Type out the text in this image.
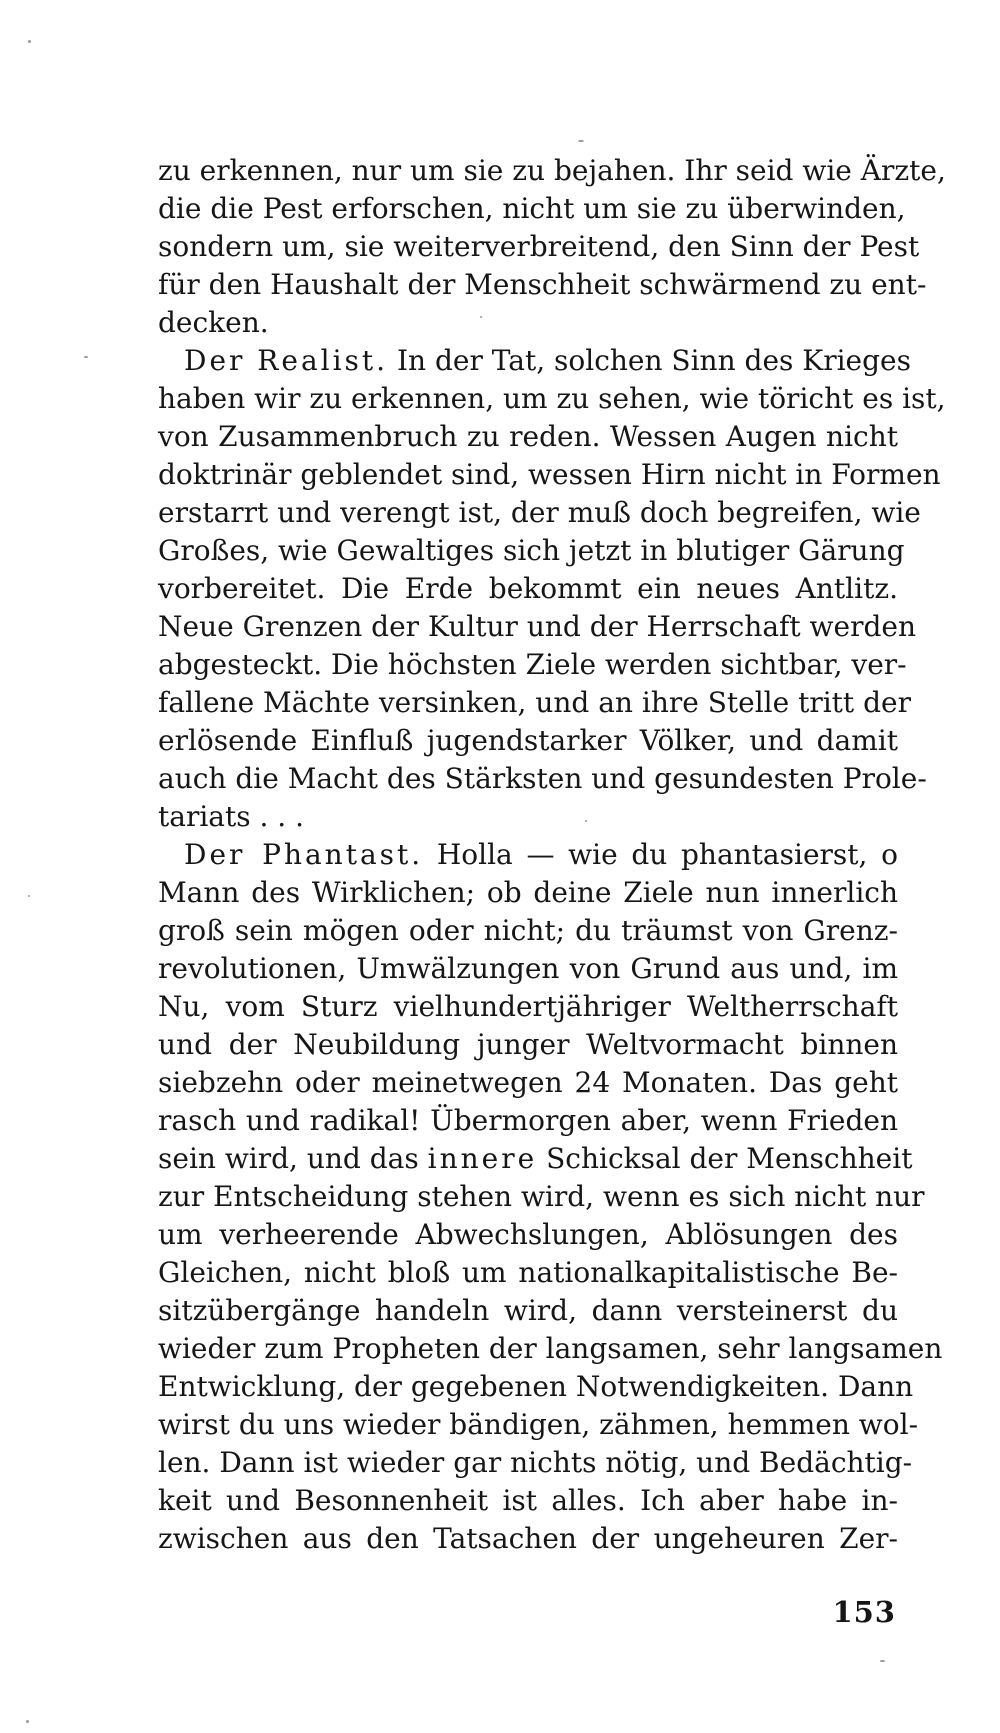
zu erkennen, nur um sie zu bejahen. Ihr seid wie Ärzte,
die die Pest erforschen, nicht um sie zu überwinden,
sondern um, sie weiterverbreitend, den Sinn der Pest
für den Haushalt der Menschheit schwärmend zu ent-
decken.
Der Realist. In der Tat, solchen Sinn des Krieges
haben wir zu erkennen, um zu sehen, wie töricht es ist,
von Zusammenbruch zu reden. Wessen Augen nicht
doktrinär geblendet sind, wessen Hirn nicht in Formen
erstarrt und verengt ist, der muß doch begreifen, wie
Großes, wie Gewaltiges sich jetzt in blutiger Gärung
vorbereitet. Die Erde bekommt ein neues Antlitz.
Neue Grenzen der Kultur und der Herrschaft werden
abgesteckt. Die höchsten Ziele werden sichtbar, ver-
fallene Mächte versinken, und an ihre Stelle tritt der
erlösende Einfluß jugendstarker Völker, und damit
auch die Macht des Stärksten und gesundesten Prole-
tariats . . .
Der Phantast. Holla — wie du phantasierst, o
Mann des Wirklichen; ob deine Ziele nun innerlich
groß sein mögen oder nicht; du träumst von Grenz-
revolutionen, Umwälzungen von Grund aus und, im
Nu, vom Sturz vielhundertjähriger Weltherrschaft
und der Neubildung junger Weltvormacht binnen
siebzehn oder meinetwegen 24 Monaten. Das geht
rasch und radikal! Übermorgen aber, wenn Frieden
sein wird, und das innere Schicksal der Menschheit
zur Entscheidung stehen wird, wenn es sich nicht nur
um verheerende Abwechslungen, Ablösungen des
Gleichen, nicht bloß um nationalkapitalistische Be-
sitzübergänge handeln wird, dann versteinerst du
wieder zum Propheten der langsamen, sehr langsamen
Entwicklung, der gegebenen Notwendigkeiten. Dann
wirst du uns wieder bändigen, zähmen, hemmen wol-
len. Dann ist wieder gar nichts nötig, und Bedächtig-
keit und Besonnenheit ist alles. Ich aber habe in-
zwischen aus den Tatsachen der ungeheuren Zer-
153
